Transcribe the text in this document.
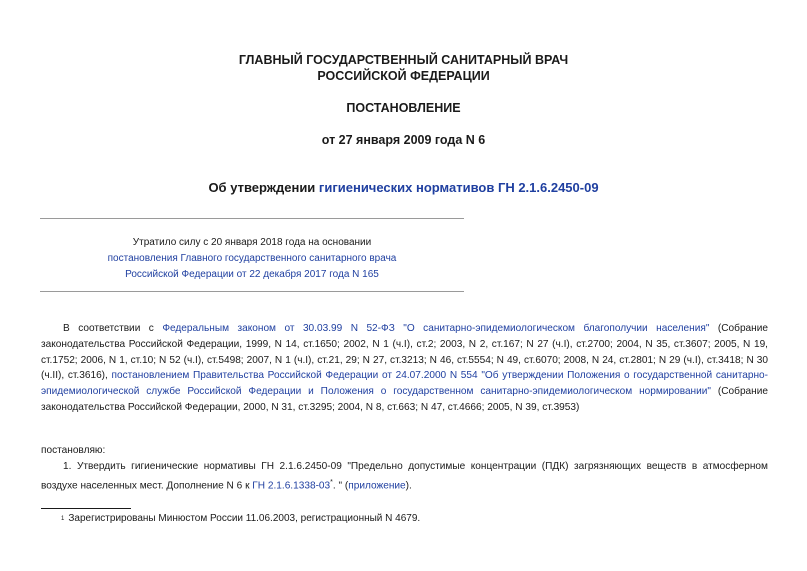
ГЛАВНЫЙ ГОСУДАРСТВЕННЫЙ САНИТАРНЫЙ ВРАЧ
РОССИЙСКОЙ ФЕДЕРАЦИИ
ПОСТАНОВЛЕНИЕ
от 27 января 2009 года N 6
Об утверждении гигиенических нормативов ГН 2.1.6.2450-09
Утратило силу с 20 января 2018 года на основании
постановления Главного государственного санитарного врача
Российской Федерации от 22 декабря 2017 года N 165
В соответствии с Федеральным законом от 30.03.99 N 52-ФЗ "О санитарно-эпидемиологическом благополучии населения" (Собрание законодательства Российской Федерации, 1999, N 14, ст.1650; 2002, N 1 (ч.I), ст.2; 2003, N 2, ст.167; N 27 (ч.I), ст.2700; 2004, N 35, ст.3607; 2005, N 19, ст.1752; 2006, N 1, ст.10; N 52 (ч.I), ст.5498; 2007, N 1 (ч.I), ст.21, 29; N 27, ст.3213; N 46, ст.5554; N 49, ст.6070; 2008, N 24, ст.2801; N 29 (ч.I), ст.3418; N 30 (ч.II), ст.3616), постановлением Правительства Российской Федерации от 24.07.2000 N 554 "Об утверждении Положения о государственной санитарно-эпидемиологической службе Российской Федерации и Положения о государственном санитарно-эпидемиологическом нормировании" (Собрание законодательства Российской Федерации, 2000, N 31, ст.3295; 2004, N 8, ст.663; N 47, ст.4666; 2005, N 39, ст.3953)
постановляю:
1. Утвердить гигиенические нормативы ГН 2.1.6.2450-09 "Предельно допустимые концентрации (ПДК) загрязняющих веществ в атмосферном воздухе населенных мест. Дополнение N 6 к ГН 2.1.6.1338-03*. " (приложение).
1 Зарегистрированы Минюстом России 11.06.2003, регистрационный N 4679.
